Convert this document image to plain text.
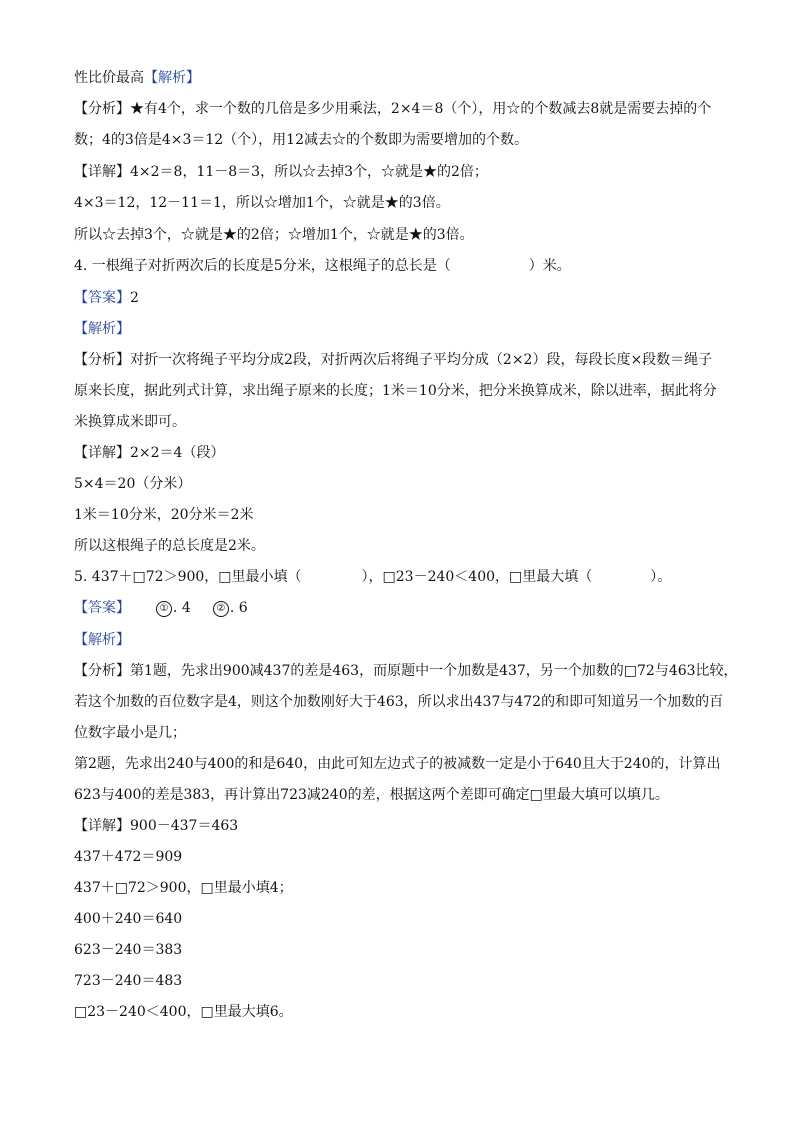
性比价最高【解析】
【分析】★有4个，求一个数的几倍是多少用乘法，2×4＝8（个），用☆的个数减去8就是需要去掉的个
数；4的3倍是4×3＝12（个），用12减去☆的个数即为需要增加的个数。
【详解】4×2＝8，11－8＝3，所以☆去掉3个，☆就是★的2倍；
4×3＝12，12－11＝1，所以☆增加1个，☆就是★的3倍。
所以☆去掉3个，☆就是★的2倍；☆增加1个，☆就是★的3倍。
4. 一根绳子对折两次后的长度是5分米，这根绳子的总长是（	）米。
【答案】2
【解析】
【分析】对折一次将绳子平均分成2段，对折两次后将绳子平均分成（2×2）段，每段长度×段数＝绳子
原来长度，据此列式计算，求出绳子原来的长度；1米＝10分米，把分米换算成米，除以进率，据此将分
米换算成米即可。
【详解】2×2＝4（段）
5×4＝20（分米）
1米＝10分米，20分米＝2米
所以这根绳子的总长度是2米。
5. 437＋□72＞900，□里最小填（	），□23－240＜400，□里最大填（	）。
【答案】	① . 4	② . 6
【解析】
【分析】第1题，先求出900减437的差是463，而原题中一个加数是437，另一个加数的□72与463比较，
若这个加数的百位数字是4，则这个加数刚好大于463，所以求出437与472的和即可知道另一个加数的百
位数字最小是几；
第2题，先求出240与400的和是640，由此可知左边式子的被减数一定是小于640且大于240的，计算出
623与400的差是383，再计算出723减240的差，根据这两个差即可确定□里最大填可以填几。
【详解】900－437＝463
437＋472＝909
437＋□72＞900，□里最小填4；
400＋240＝640
623－240＝383
723－240＝483
□23－240＜400，□里最大填6。
